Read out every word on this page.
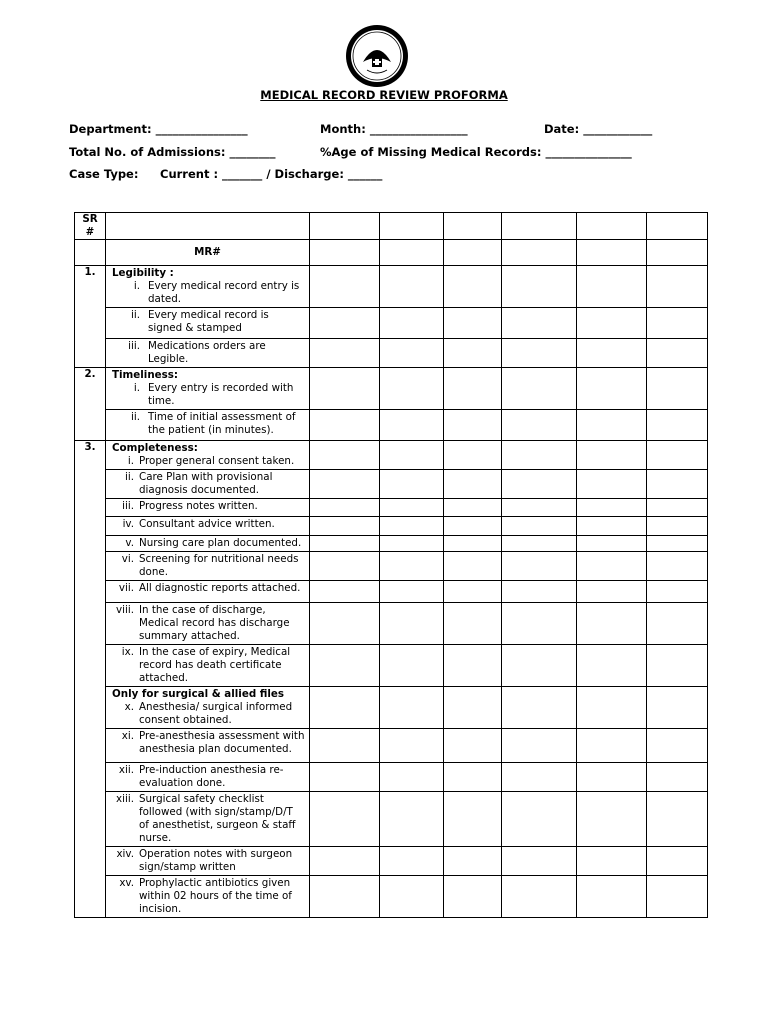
MEDICAL RECORD REVIEW PROFORMA
Department: ________________	Month: _________________	Date: ____________
Total No. of Admissions: ________	%Age of Missing Medical Records: _______________
Case Type: Current : _______ / Discharge: ______
SR
#							
	MR#						
1.	Legibility :
i. Every medical record entry is dated.						

	ii. Every medical record is signed & stamped						

	iii. Medications orders are Legible.						

2.	Timeliness:
i. Every entry is recorded with time.						

	ii. Time of initial assessment of the patient (in minutes).						

3.	Completeness:
i. Proper general consent taken.						

	ii. Care Plan with provisional diagnosis documented.						

	iii. Progress notes written.						

	iv. Consultant advice written.						

	v. Nursing care plan documented.						

	vi. Screening for nutritional needs done.						

	vii. All diagnostic reports attached.						

	viii. In the case of discharge, Medical record has discharge summary attached.						

	ix. In the case of expiry, Medical record has death certificate attached.						

	Only for surgical & allied files
x. Anesthesia/ surgical informed consent obtained.						

	xi. Pre-anesthesia assessment with anesthesia plan documented.						

	xii. Pre-induction anesthesia re-evaluation done.						

	xiii. Surgical safety checklist followed (with sign/stamp/D/T of anesthetist, surgeon & staff nurse.						

	xiv. Operation notes with surgeon sign/stamp written						

	xv. Prophylactic antibiotics given within 02 hours of the time of incision.						
